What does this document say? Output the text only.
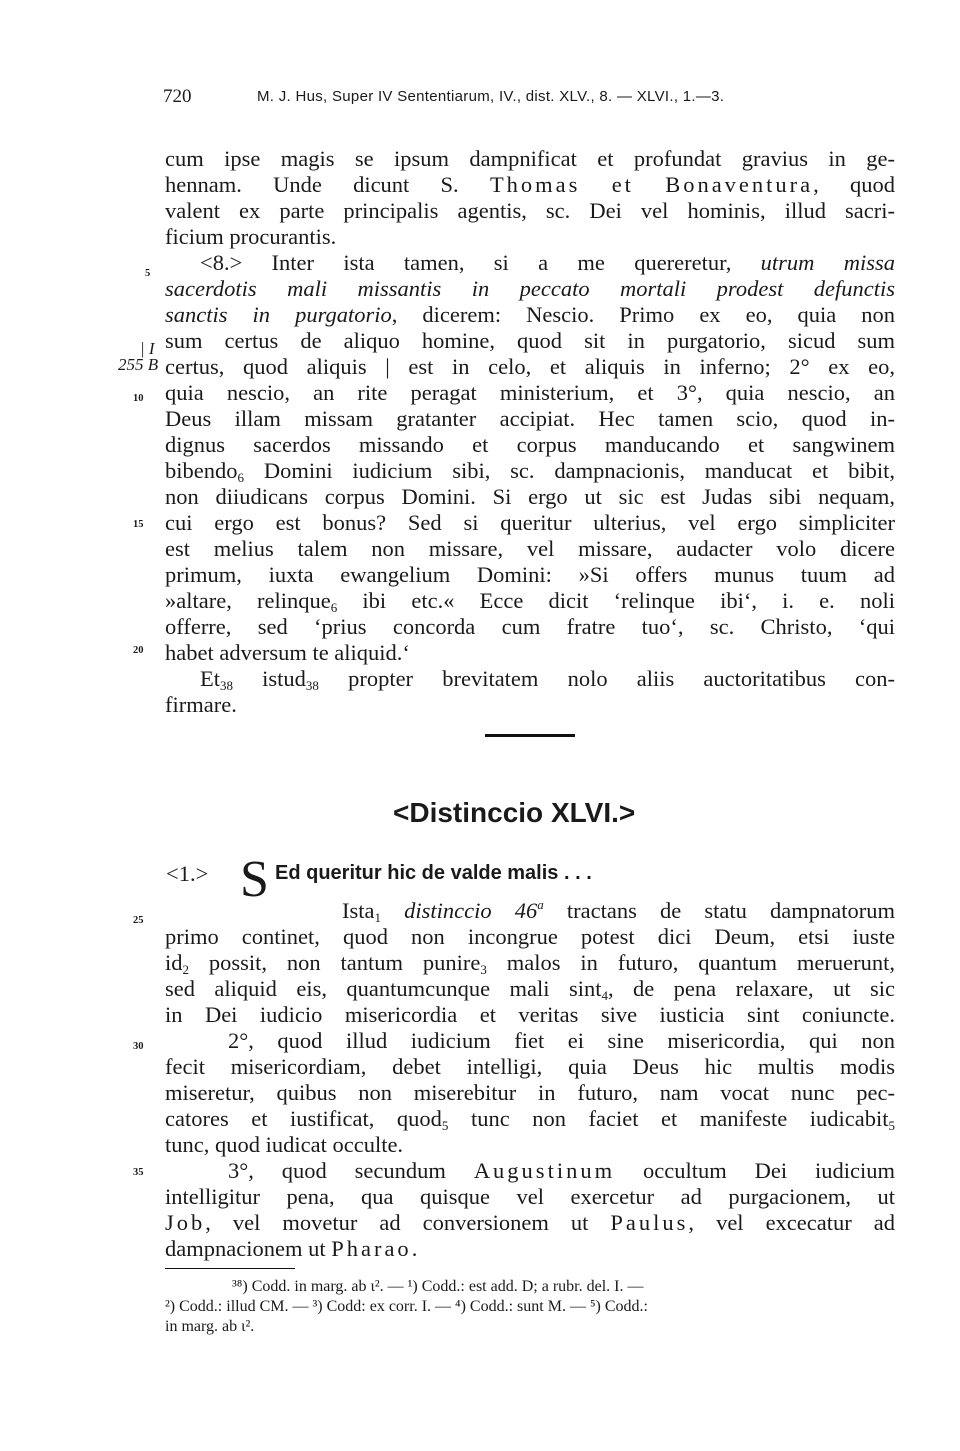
720	M. J. Hus, Super IV Sententiarum, IV., dist. XLV., 8. — XLVI., 1.—3.
5
| I
255 B
10
15
20
25
30
35
cum ipse magis se ipsum dampnificat et profundat gravius in ge-
hennam. Unde dicunt S. Thomas et Bonaventura, quod
valent ex parte principalis agentis, sc. Dei vel hominis, illud sacri-
ficium procurantis.
<8.> Inter ista tamen, si a me quereretur, utrum missa
sacerdotis mali missantis in peccato mortali prodest defunctis
sanctis in purgatorio, dicerem: Nescio. Primo ex eo, quia non
sum certus de aliquo homine, quod sit in purgatorio, sicud sum
certus, quod aliquis | est in celo, et aliquis in inferno; 2° ex eo,
quia nescio, an rite peragat ministerium, et 3°, quia nescio, an
Deus illam missam gratanter accipiat. Hec tamen scio, quod in-
dignus sacerdos missando et corpus manducando et sangwinem
bibendo$_6$ Domini iudicium sibi, sc. dampnacionis, manducat et bibit,
non diiudicans corpus Domini. Si ergo ut sic est Judas sibi nequam,
cui ergo est bonus? Sed si queritur ulterius, vel ergo simpliciter
est melius talem non missare, vel missare, audacter volo dicere
primum, iuxta ewangelium Domini: »Si offers munus tuum ad
»altare, relinque$_6$ ibi etc.« Ecce dicit ‘relinque ibi‘, i. e. noli
offerre, sed ‘prius concorda cum fratre tuo‘, sc. Christo, ‘qui
habet adversum te aliquid.‘
$Et_{38}$ istud$_{38}$ propter brevitatem nolo aliis auctoritatibus con-
firmare.
<Distinccio XLVI.>
<1.> S Ed queritur hic de valde malis . . .
Ista$_1$ distinccio 46$^a$ tractans de statu dampnatorum
primo continet, quod non incongrue potest dici Deum, etsi iuste
$id_2$ possit, non tantum punire$_3$ malos in futuro, quantum meruerunt,
sed aliquid eis, quantumcunque mali sint$_4$, de pena relaxare, ut sic
in Dei iudicio misericordia et veritas sive iusticia sint coniuncte.
2°, quod illud iudicium fiet ei sine misericordia, qui non
fecit misericordiam, debet intelligi, quia Deus hic multis modis
miseretur, quibus non miserebitur in futuro, nam vocat nunc pec-
catores et iustificat, quod$_5$ tunc non faciet et manifeste iudicabit$_5$
tunc, quod iudicat occulte.
3°, quod secundum Augustinum occultum Dei iudicium
intelligitur pena, qua quisque vel exercetur ad purgacionem, ut
Job, vel movetur ad conversionem ut Paulus, vel excecatur ad
dampnacionem ut Pharao.
³⁸) Codd. in marg. ab ι². — ¹) Codd.: est add. D; a rubr. del. I. —
²) Codd.: illud CM. — ³) Codd: ex corr. I. — ⁴) Codd.: sunt M. — ⁵) Codd.:
in marg. ab ι².
